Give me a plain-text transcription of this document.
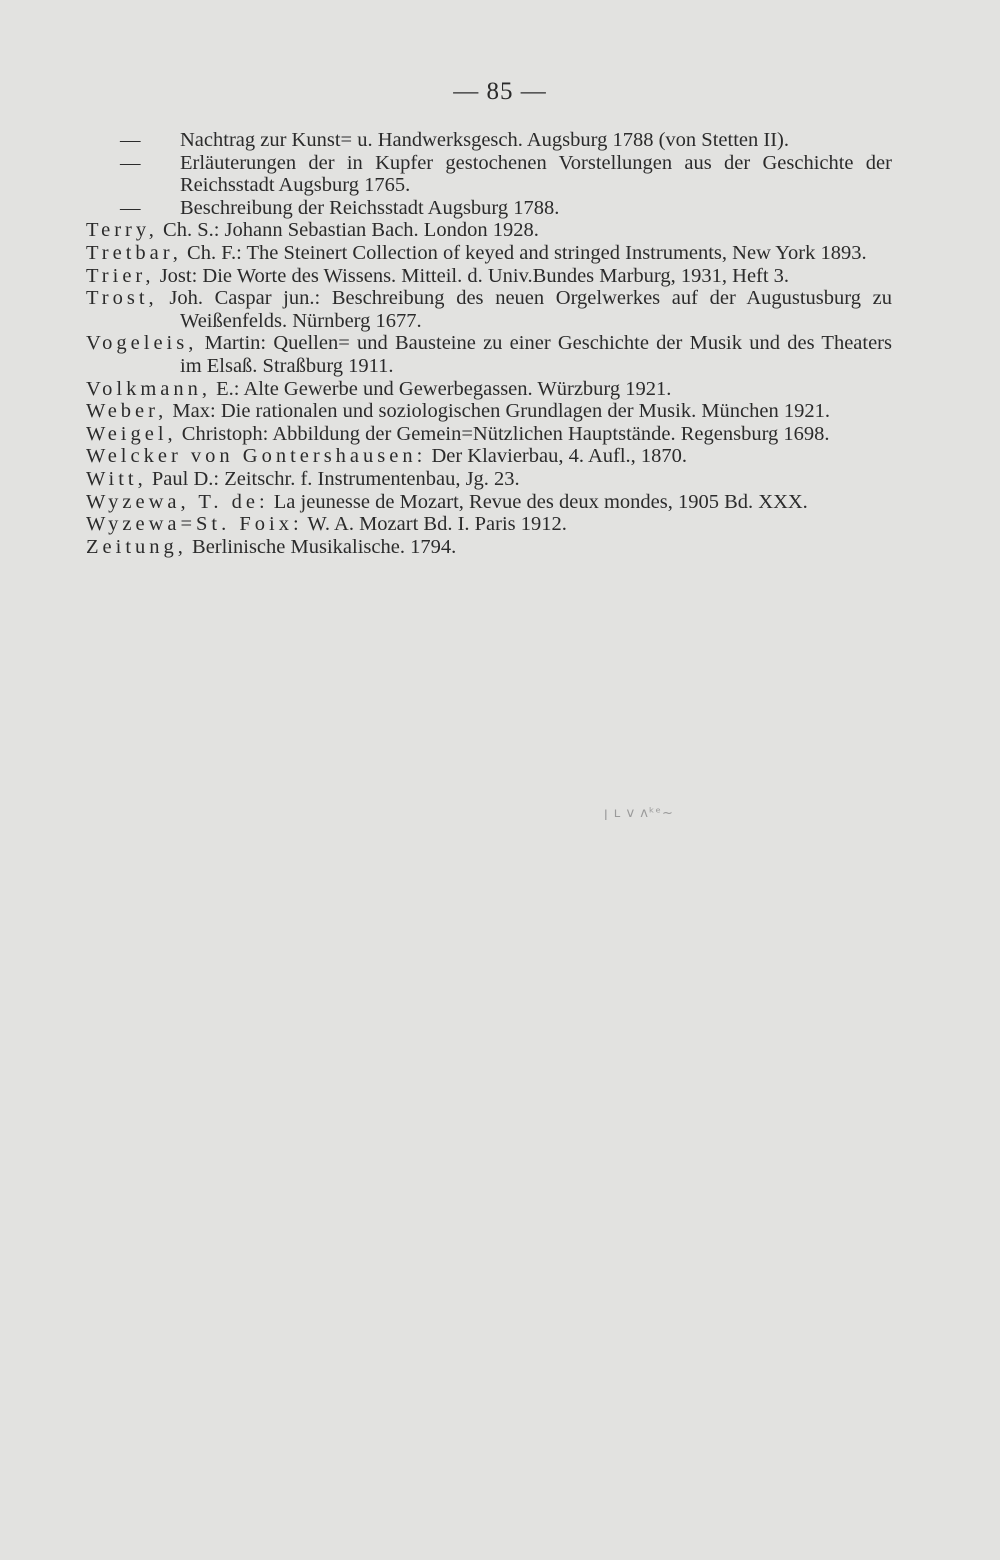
— 85 —
— Nachtrag zur Kunst= u. Handwerksgesch. Augsburg 1788 (von Stetten II).
— Erläuterungen der in Kupfer gestochenen Vorstellungen aus der Geschichte der Reichsstadt Augsburg 1765.
— Beschreibung der Reichsstadt Augsburg 1788.
Terry, Ch. S.: Johann Sebastian Bach. London 1928.
Tretbar, Ch. F.: The Steinert Collection of keyed and stringed Instruments, New York 1893.
Trier, Jost: Die Worte des Wissens. Mitteil. d. Univ.Bundes Marburg, 1931, Heft 3.
Trost, Joh. Caspar jun.: Beschreibung des neuen Orgelwerkes auf der Augustusburg zu Weißenfelds. Nürnberg 1677.
Vogeleis, Martin: Quellen= und Bausteine zu einer Geschichte der Musik und des Theaters im Elsaß. Straßburg 1911.
Volkmann, E.: Alte Gewerbe und Gewerbegassen. Würzburg 1921.
Weber, Max: Die rationalen und soziologischen Grundlagen der Musik. München 1921.
Weigel, Christoph: Abbildung der Gemein=Nützlichen Hauptstände. Regensburg 1698.
Welcker von Gontershausen: Der Klavierbau, 4. Aufl., 1870.
Witt, Paul D.: Zeitschr. f. Instrumentenbau, Jg. 23.
Wyzewa, T. de: La jeunesse de Mozart, Revue des deux mondes, 1905 Bd. XXX.
Wyzewa=St. Foix: W. A. Mozart Bd. I. Paris 1912.
Zeitung, Berlinische Musikalische. 1794.
ꞁ ʟ ᴠ ᴧᵏᵉ~
